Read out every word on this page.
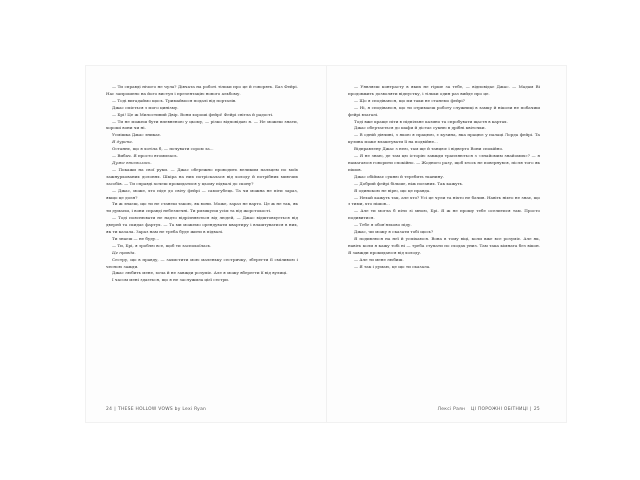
— Ти справді нічого не чула? Дівчата на роботі тільки про це й говорять. Баз Фейрі. Нас запрошено на його виступ і презентацію нового альбому.

— Тоді вигадаймо щось. Тримаймося подалі від порталів.

Джас сміється з мого цинізму.

— Брі! Це ж Милостивий Двір. Вони хороші фейрі! Фейрі світла й радості.

— Ти не можеш бути впевненою у цьому, — різко відповідаю я. — Не можеш знати, хороші вони чи ні.

Усмішка Джас зникає.

Я дурепа.

Останнє, що я хотіла б, — почувати сором за...

— Вибач. Я просто втомилась.

Дуже втомилась.

— Покажи на свої руки. — Джас обережно проводить великим пальцем по моїх зажнуркованих долонях. Шкіра на них потріскалася від холоду й потрібних миючих засобів. — Ти справді хочеш прокидатися у цьому підвалі до скону?

— Джас, може, хто піде до світу фейрі — самогубець. Та чи можна не піти зараз, якщо це доля?

Ти ж знаєш, що ти не станеш такою, як вони. Може, зараз не варто. Це ж не так, як ти думаєш, і вони справді небезпечні. Ти ризикуєш усім та від жорстокості.

— Тоді пояснювати не надто відрізняються від людей, — Джас відштовхується від дверей та скидає фартух. — Та ми можемо орендувати квартиру і влаштуватися в них, як ти казала. Зараз нам не треба буде жити в підвалі.

Ти знаєш — не буду...

— Ти, Брі, я зроблю все, щоб ти заспокоїлась.

Це правда.

Сестру, що в правду, — захистити мою маленьку сестричку, зберегти її сміливою і чесною зажди.

Джас любить мене, хоча й не завжди розуміє. Але я можу вберегти її від вулиці.

І часом мені здається, що я не заслужила цієї сестри.

24 | THESE HOLLOW VOWS by Lexi Ryan

— Уявляєш контрасту в яких не гірше за тебе, — відповідає Джас. — Мадам Ві продовжить дозволяти відпустку, і тільки один раз вийде про це.

— Що я сподіваюся, що ми таки не станемо фейрі?

— Ні, я сподіваюся, що ти отримаєш роботу служниці в замку й ніколи не побачиш фейрі взагалі.

Тоді вже краще піти в підпільне казино та спробувати щастя в картах.

Джас обертається до шафи й дістає сукню в дрібні квіточки.

— В одній дівчині, з якою я працюю, є кузина, яка працює у палаці Лорда фейрі. Та кузина може влаштувати її на подвійне...

Відправлену Джас з нею, там ще й танцює і відверто Вони спокійно.

— Я не знаю, де там цю історію завжди трапляються з «знайомим знайомих»? — я намагаюся говорити спокійно. — Жодного разу, щоб хтось не повернувся, після того як пішов.

Джас обіймає сукню й теребить тканину.

— Добрий фейрі більше, ніж поганих. Так кажуть.

Я одинокою не вірю, що це правда.

— Нехай кажуть так, але хто? Усі це чули та ніхто не бачив. Навіть ніхто не знає, що з тими, хто пішов...

— Але ти могла б піти зі мною, Брі. Я ж не прошу тебе оселитися там. Просто подивитися.

— Тебе я обов'язково піду.

Джас, чи можу я сказати тобі щось?

Я подивлюся на неї й усміхаюся. Вона в тому віці, коли вже все розуміє. Але як, навіть коли я кажу тобі ні — треба ступати по сходах униз. Там така кімната без вікон. Я завжди прокидаюся від холоду.

— Але ти мене любиш.

— Я так і думаю, це що ти сказала.

Лексі Раян ЦІ ПОРОЖНІ ОБІТНИЦІ | 25
